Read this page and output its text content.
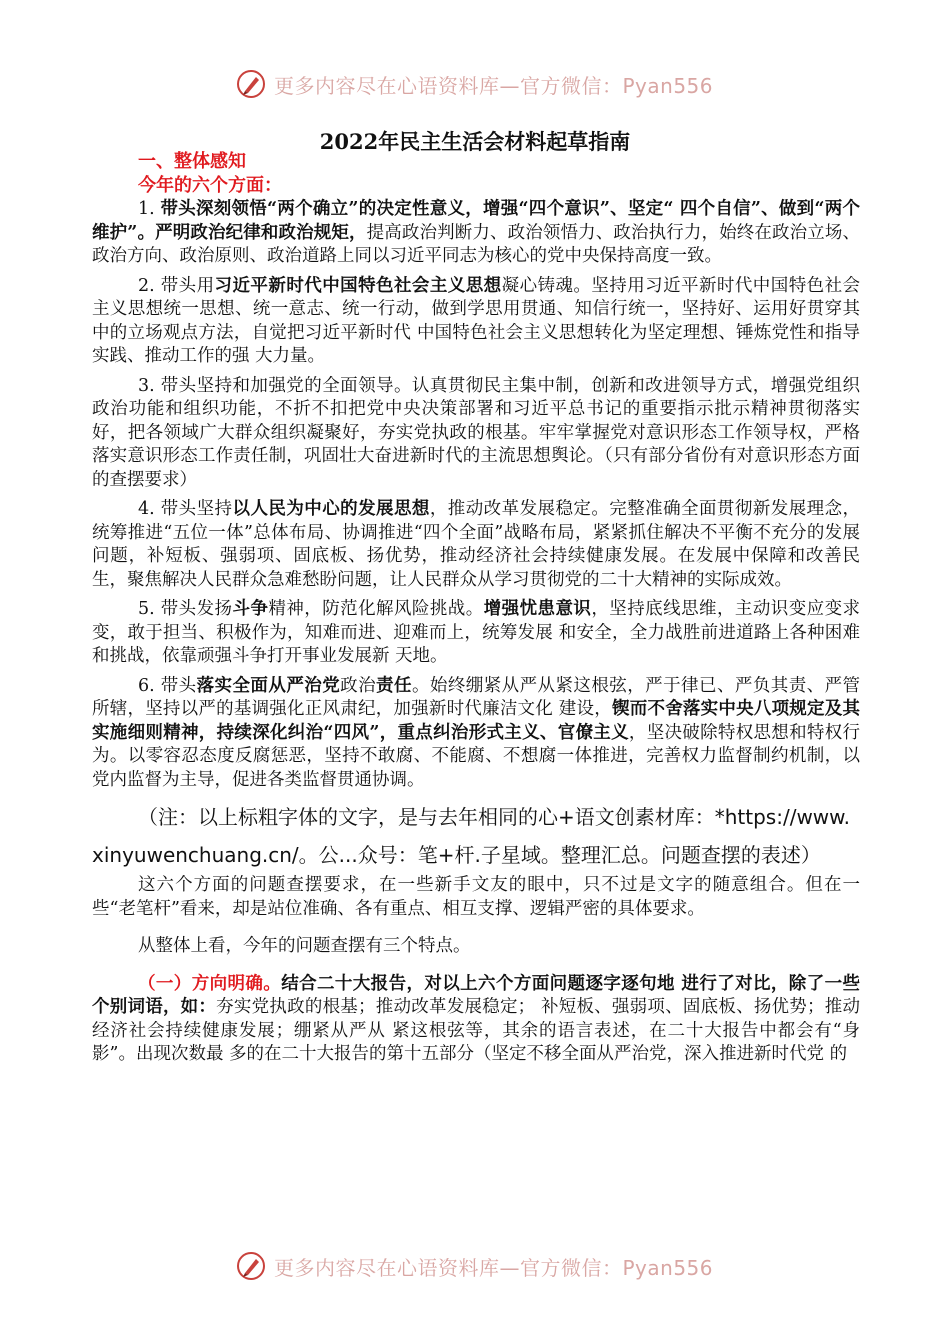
更多内容尽在心语资料库—官方微信：Pyan556
2022年民主生活会材料起草指南

一、整体感知

今年的六个方面：

1. 带头深刻领悟“两个确立”的决定性意义，增强“四个意识”、坚定“ 四个自信”、做到“两个维护”。严明政治纪律和政治规矩，提高政治判断力、政治领悟力、政治执行力，始终在政治立场、政治方向、政治原则、政治道路上同以习近平同志为核心的党中央保持高度一致。

2. 带头用习近平新时代中国特色社会主义思想凝心铸魂。坚持用习近平新时代中国特色社会主义思想统一思想、统一意志、统一行动，做到学思用贯通、知信行统一，坚持好、运用好贯穿其中的立场观点方法，自觉把习近平新时代 中国特色社会主义思想转化为坚定理想、锤炼党性和指导实践、推动工作的强 大力量。

3. 带头坚持和加强党的全面领导。认真贯彻民主集中制，创新和改进领导方式，增强党组织政治功能和组织功能，不折不扣把党中央决策部署和习近平总书记的重要指示批示精神贯彻落实好，把各领域广大群众组织凝聚好，夯实党执政的根基。牢牢掌握党对意识形态工作领导权，严格落实意识形态工作责任制，巩固壮大奋进新时代的主流思想舆论。（只有部分省份有对意识形态方面的查摆要求）

4. 带头坚持以人民为中心的发展思想，推动改革发展稳定。完整准确全面贯彻新发展理念，统筹推进“五位一体”总体布局、协调推进“四个全面”战略布局，紧紧抓住解决不平衡不充分的发展问题，补短板、强弱项、固底板、扬优势，推动经济社会持续健康发展。在发展中保障和改善民生，聚焦解决人民群众急难愁盼问题，让人民群众从学习贯彻党的二十大精神的实际成效。

5. 带头发扬斗争精神，防范化解风险挑战。增强忧患意识，坚持底线思维，主动识变应变求变，敢于担当、积极作为，知难而进、迎难而上，统筹发展 和安全，全力战胜前进道路上各种困难和挑战，依靠顽强斗争打开事业发展新 天地。

6. 带头落实全面从严治党政治责任。始终绷紧从严从紧这根弦，严于律已、严负其责、严管所辖，坚持以严的基调强化正风肃纪，加强新时代廉洁文化 建设，锲而不舍落实中央八项规定及其实施细则精神，持续深化纠治“四风”，重点纠治形式主义、官僚主义，坚决破除特权思想和特权行为。以零容忍态度反腐惩恶，坚持不敢腐、不能腐、不想腐一体推进，完善权力监督制约机制，以党内监督为主导，促进各类监督贯通协调。

（注：以上标粗字体的文字，是与去年相同的心+语文创素材库：*https://www.xinyuwenchuang.cn/。公...众号：笔+杆.子星域。整理汇总。问题查摆的表述）

这六个方面的问题查摆要求，在一些新手文友的眼中，只不过是文字的随意组合。但在一些“老笔杆”看来，却是站位准确、各有重点、相互支撑、逻辑严密的具体要求。

从整体上看，今年的问题查摆有三个特点。

（一）方向明确。结合二十大报告，对以上六个方面问题逐字逐句地 进行了对比，除了一些个别词语，如：夯实党执政的根基；推动改革发展稳定； 补短板、强弱项、固底板、扬优势；推动经济社会持续健康发展；绷紧从严从 紧这根弦等，其余的语言表述，在二十大报告中都会有“身影”。出现次数最 多的在二十大报告的第十五部分（坚定不移全面从严治党，深入推进新时代党 的

更多内容尽在心语资料库—官方微信：Pyan556
